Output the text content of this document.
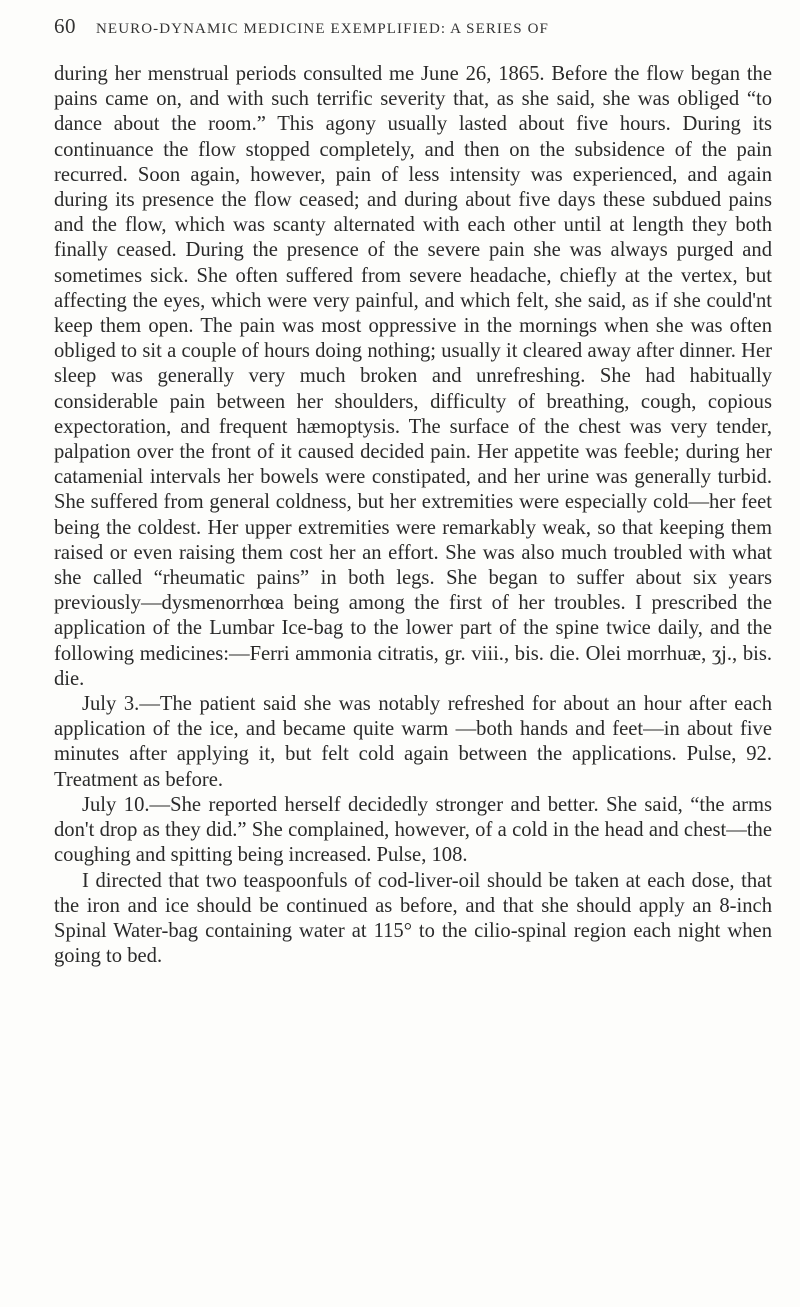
60 NEURO-DYNAMIC MEDICINE EXEMPLIFIED: A SERIES OF

during her menstrual periods consulted me June 26, 1865. Before the flow began the pains came on, and with such terrific severity that, as she said, she was obliged “to dance about the room.” This agony usually lasted about five hours. During its continuance the flow stopped completely, and then on the subsidence of the pain recurred. Soon again, however, pain of less intensity was experienced, and again during its presence the flow ceased; and during about five days these subdued pains and the flow, which was scanty alternated with each other until at length they both finally ceased. During the presence of the severe pain she was always purged and sometimes sick. She often suffered from severe headache, chiefly at the vertex, but affecting the eyes, which were very painful, and which felt, she said, as if she could'nt keep them open. The pain was most oppressive in the mornings when she was often obliged to sit a couple of hours doing nothing; usually it cleared away after dinner. Her sleep was generally very much broken and unrefreshing. She had habitually considerable pain between her shoulders, difficulty of breathing, cough, copious expectoration, and frequent hæmoptysis. The surface of the chest was very tender, palpation over the front of it caused decided pain. Her appetite was feeble; during her catamenial intervals her bowels were constipated, and her urine was generally turbid. She suffered from general coldness, but her extremities were especially cold—her feet being the coldest. Her upper extremities were remarkably weak, so that keeping them raised or even raising them cost her an effort. She was also much troubled with what she called “rheumatic pains” in both legs. She began to suffer about six years previously—dysmenorrhœa being among the first of her troubles. I prescribed the application of the Lumbar Ice-bag to the lower part of the spine twice daily, and the following medicines:—Ferri ammonia citratis, gr. viii., bis. die. Olei morrhuæ, ʒj., bis. die.

July 3.—The patient said she was notably refreshed for about an hour after each application of the ice, and became quite warm —both hands and feet—in about five minutes after applying it, but felt cold again between the applications. Pulse, 92. Treatment as before.

July 10.—She reported herself decidedly stronger and better. She said, “the arms don't drop as they did.” She complained, however, of a cold in the head and chest—the coughing and spitting being increased. Pulse, 108.

I directed that two teaspoonfuls of cod-liver-oil should be taken at each dose, that the iron and ice should be continued as before, and that she should apply an 8-inch Spinal Water-bag containing water at 115° to the cilio-spinal region each night when going to bed.
